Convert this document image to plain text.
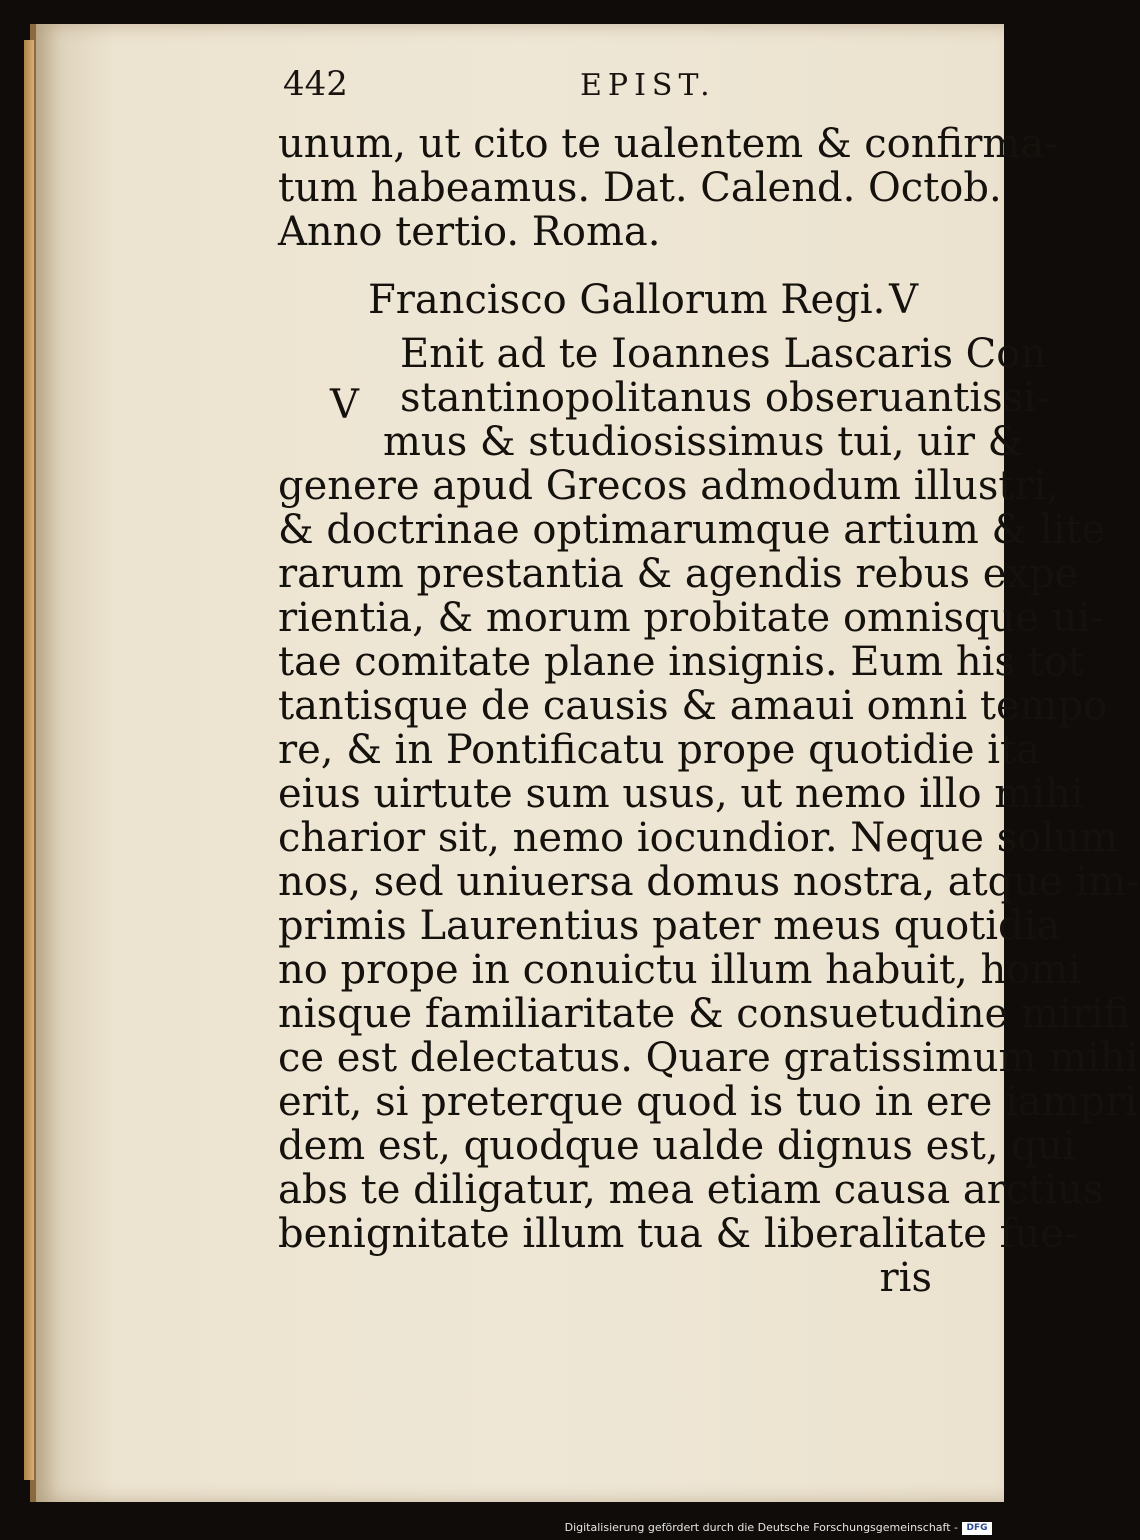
442	EPIST.
V
unum, ut cito te ualentem & confirma-
tum habeamus. Dat. Calend. Octob.
Anno tertio. Roma.
Francisco Gallorum Regi. V
Enit ad te Ioannes Lascaris Con
stantinopolitanus obseruantissi-
mus & studiosissimus tui, uir &
genere apud Grecos admodum illustri,
& doctrinae optimarumque artium & lite
rarum prestantia & agendis rebus expe
rientia, & morum probitate omnisque ui-
tae comitate plane insignis. Eum his tot
tantisque de causis & amaui omni tempo
re, & in Pontificatu prope quotidie ita
eius uirtute sum usus, ut nemo illo mihi
charior sit, nemo iocundior. Neque solum
nos, sed uniuersa domus nostra, atque im-
primis Laurentius pater meus quotidia
no prope in conuictu illum habuit, homi
nisque familiaritate & consuetudine mirifi
ce est delectatus. Quare gratissimum mihi
erit, si preterque quod is tuo in ere iampri
dem est, quodque ualde dignus est, qui
abs te diligatur, mea etiam causa arctius
benignitate illum tua & liberalitate fue-
ris
Digitalisierung gefördert durch die Deutsche Forschungsgemeinschaft - DFG
